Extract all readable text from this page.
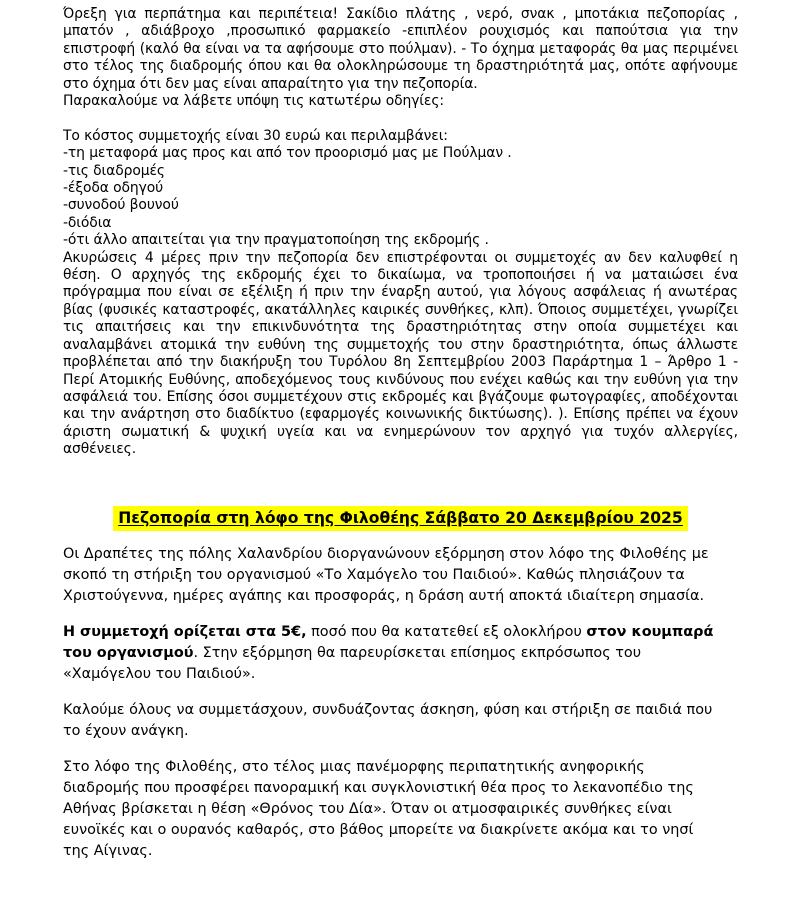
Όρεξη για περπάτημα και περιπέτεια! Σακίδιο πλάτης , νερό, σνακ , μποτάκια πεζοπορίας , μπατόν , αδιάβροχο ,προσωπικό φαρμακείο -επιπλέον ρουχισμός και παπούτσια για την επιστροφή (καλό θα είναι να τα αφήσουμε στο πούλμαν). - Το όχημα μεταφοράς θα μας περιμένει στο τέλος της διαδρομής όπου και θα ολοκληρώσουμε τη δραστηριότητά μας, οπότε αφήνουμε στο όχημα ότι δεν μας είναι απαραίτητο για την πεζοπορία.

Παρακαλούμε να λάβετε υπόψη τις κατωτέρω οδηγίες:

Το κόστος συμμετοχής είναι 30 ευρώ και περιλαμβάνει:

-τη μεταφορά μας προς και από τον προορισμό μας με Πούλμαν .
-τις διαδρομές
-έξοδα οδηγού
-συνοδού βουνού
-διόδια
-ότι άλλο απαιτείται για την πραγματοποίηση της εκδρομής .

Ακυρώσεις 4 μέρες πριν την πεζοπορία δεν επιστρέφονται οι συμμετοχές αν δεν καλυφθεί η θέση. Ο αρχηγός της εκδρομής έχει το δικαίωμα, να τροποποιήσει ή να ματαιώσει ένα πρόγραμμα που είναι σε εξέλιξη ή πριν την έναρξη αυτού, για λόγους ασφάλειας ή ανωτέρας βίας (φυσικές καταστροφές, ακατάλληλες καιρικές συνθήκες, κλπ). Όποιος συμμετέχει, γνωρίζει τις απαιτήσεις και την επικινδυνότητα της δραστηριότητας στην οποία συμμετέχει και αναλαμβάνει ατομικά την ευθύνη της συμμετοχής του στην δραστηριότητα, όπως άλλωστε προβλέπεται από την διακήρυξη του Τυρόλου 8η Σεπτεμβρίου 2003 Παράρτημα 1 – Άρθρο 1 - Περί Ατομικής Ευθύνης, αποδεχόμενος τους κινδύνους που ενέχει καθώς και την ευθύνη για την ασφάλειά του. Επίσης όσοι συμμετέχουν στις εκδρομές και βγάζουμε φωτογραφίες, αποδέχονται και την ανάρτηση στο διαδίκτυο (εφαρμογές κοινωνικής δικτύωσης). ). Επίσης πρέπει να έχουν άριστη σωματική & ψυχική υγεία και να ενημερώνουν τον αρχηγό για τυχόν αλλεργίες, ασθένειες.

Πεζοπορία στη λόφο της Φιλοθέης Σάββατο 20 Δεκεμβρίου 2025

Οι Δραπέτες της πόλης Χαλανδρίου διοργανώνουν εξόρμηση στον λόφο της Φιλοθέης με σκοπό τη στήριξη του οργανισμού «Το Χαμόγελο του Παιδιού». Καθώς πλησιάζουν τα Χριστούγεννα, ημέρες αγάπης και προσφοράς, η δράση αυτή αποκτά ιδιαίτερη σημασία.

Η συμμετοχή ορίζεται στα 5€, ποσό που θα κατατεθεί εξ ολοκλήρου στον κουμπαρά του οργανισμού. Στην εξόρμηση θα παρευρίσκεται επίσημος εκπρόσωπος του «Χαμόγελου του Παιδιού».

Καλούμε όλους να συμμετάσχουν, συνδυάζοντας άσκηση, φύση και στήριξη σε παιδιά που το έχουν ανάγκη.

Στο λόφο της Φιλοθέης, στο τέλος μιας πανέμορφης περιπατητικής ανηφορικής διαδρομής που προσφέρει πανοραμική και συγκλονιστική θέα προς το λεκανοπέδιο της Αθήνας βρίσκεται η θέση «Θρόνος του Δία». Όταν οι ατμοσφαιρικές συνθήκες είναι ευνοϊκές και ο ουρανός καθαρός, στο βάθος μπορείτε να διακρίνετε ακόμα και το νησί της Αίγινας.
